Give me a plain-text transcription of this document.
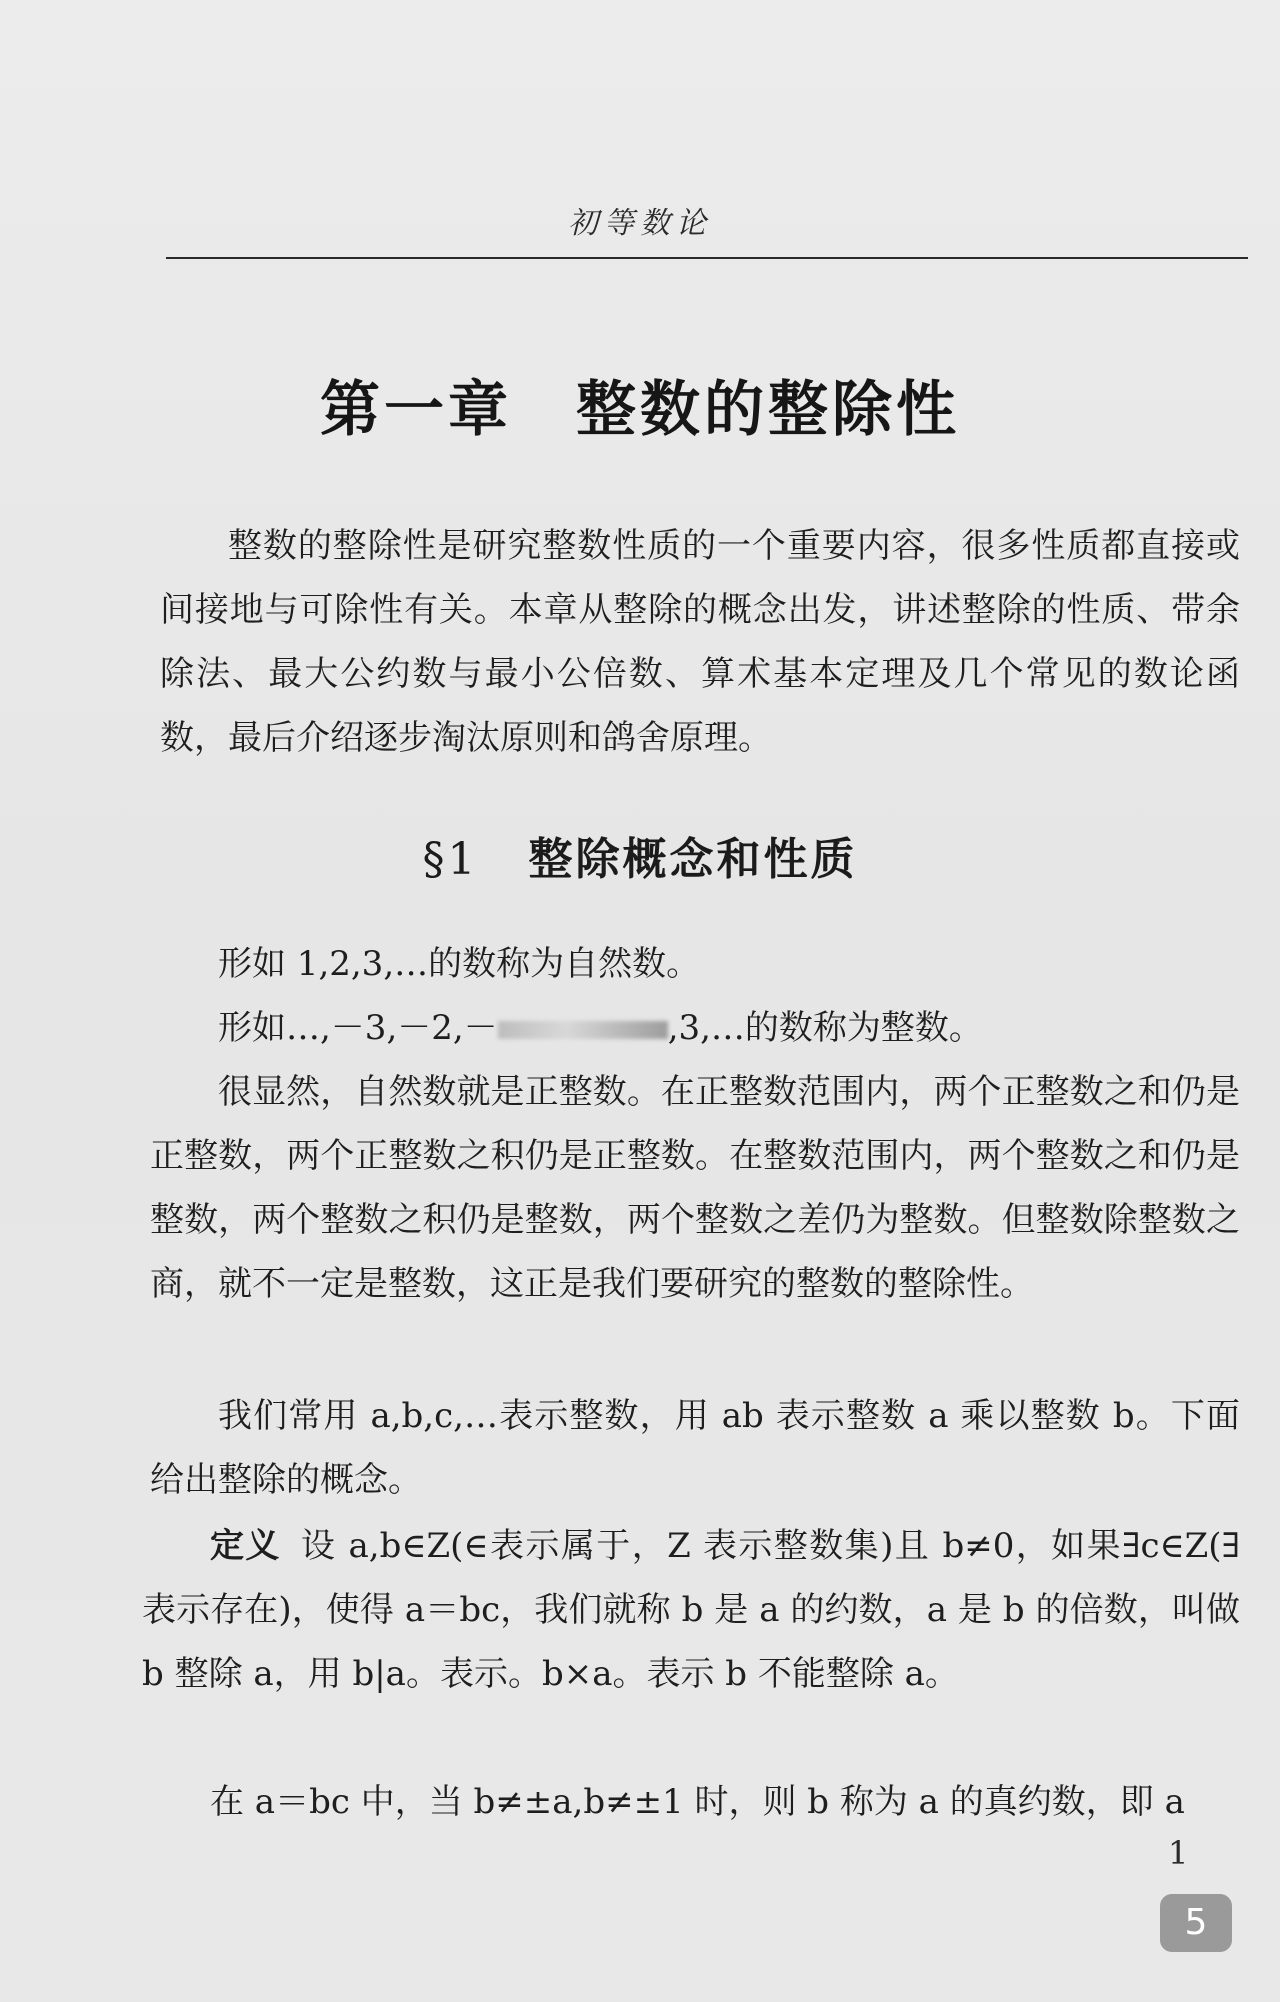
初等数论
第一章　整数的整除性
整数的整除性是研究整数性质的一个重要内容，很多性质都直接或间接地与可除性有关。本章从整除的概念出发，讲述整除的性质、带余除法、最大公约数与最小公倍数、算术基本定理及几个常见的数论函数，最后介绍逐步淘汰原则和鸽舍原理。
§1 整除概念和性质
形如 1,2,3,…的数称为自然数。
形如…,－3,－2,－	,3,…的数称为整数。
很显然，自然数就是正整数。在正整数范围内，两个正整数之和仍是正整数，两个正整数之积仍是正整数。在整数范围内，两个整数之和仍是整数，两个整数之积仍是整数，两个整数之差仍为整数。但整数除整数之商，就不一定是整数，这正是我们要研究的整数的整除性。
我们常用 a,b,c,…表示整数，用 ab 表示整数 a 乘以整数 b。下面给出整除的概念。
定义 设 a,b∈Z(∈表示属于，Z 表示整数集)且 b≠0，如果∃c∈Z(∃表示存在)，使得 a＝bc，我们就称 b 是 a 的约数，a 是 b 的倍数，叫做 b 整除 a，用 b|a。表示。b×a。表示 b 不能整除 a。
在 a＝bc 中，当 b≠±a,b≠±1 时，则 b 称为 a 的真约数，即 a
1
5
